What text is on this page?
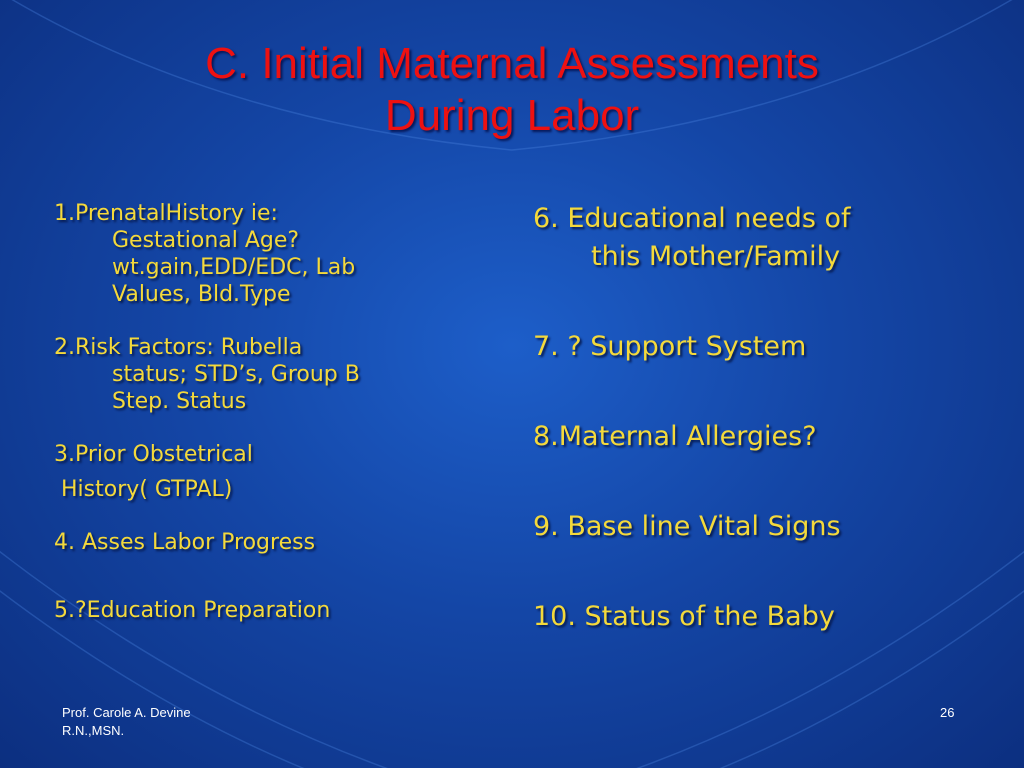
C. Initial Maternal Assessments
During Labor
1.PrenatalHistory ie:
Gestational Age?
wt.gain,EDD/EDC, Lab
Values, Bld.Type
2.Risk Factors: Rubella
status; STD’s, Group B
Step. Status
3.Prior Obstetrical
History( GTPAL)
4. Asses Labor Progress
5.?Education Preparation
6. Educational needs of
this Mother/Family
7. ? Support System
8.Maternal Allergies?
9. Base line Vital Signs
10. Status of the Baby
Prof. Carole A. Devine
R.N.,MSN.
26
